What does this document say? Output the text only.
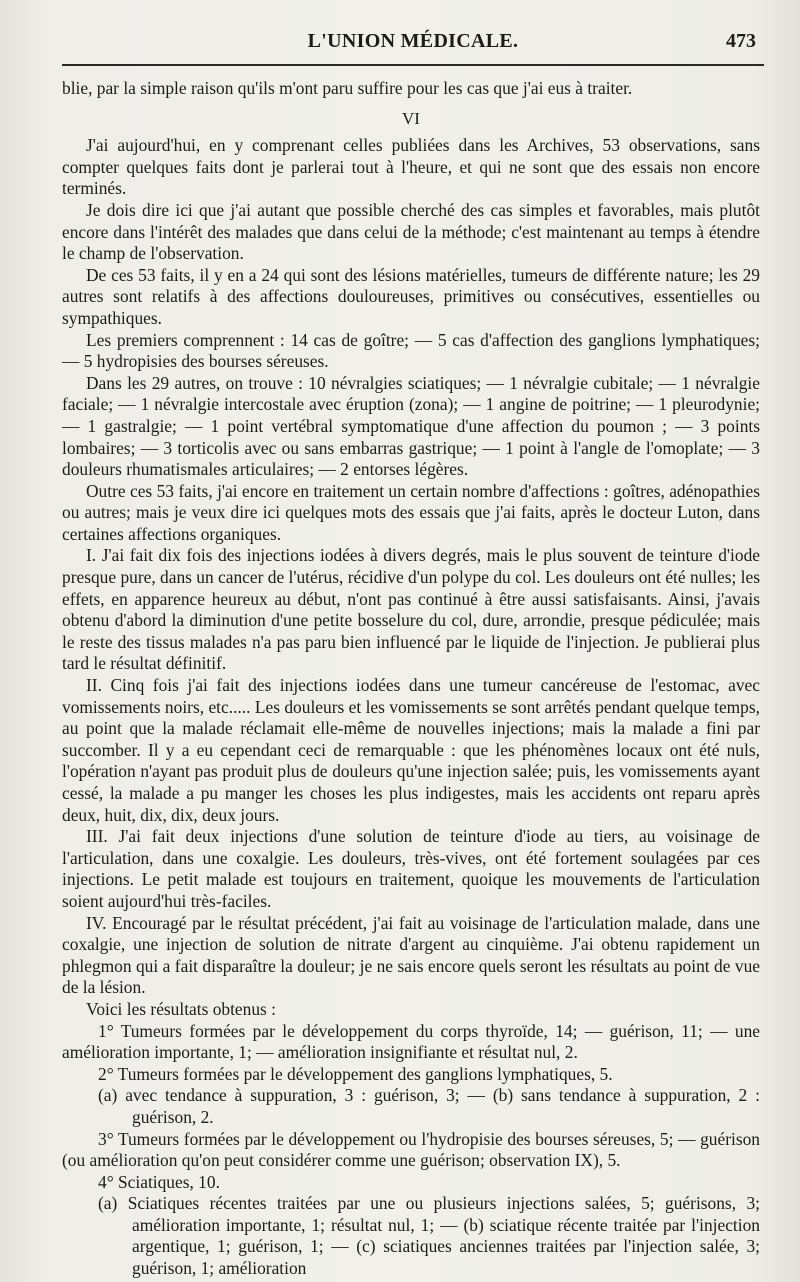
L'UNION MÉDICALE.	473

blie, par la simple raison qu'ils m'ont paru suffire pour les cas que j'ai eus à traiter.

VI

J'ai aujourd'hui, en y comprenant celles publiées dans les Archives, 53 observations, sans compter quelques faits dont je parlerai tout à l'heure, et qui ne sont que des essais non encore terminés.

Je dois dire ici que j'ai autant que possible cherché des cas simples et favorables, mais plutôt encore dans l'intérêt des malades que dans celui de la méthode; c'est maintenant au temps à étendre le champ de l'observation.

De ces 53 faits, il y en a 24 qui sont des lésions matérielles, tumeurs de différente nature; les 29 autres sont relatifs à des affections douloureuses, primitives ou consécutives, essentielles ou sympathiques.

Les premiers comprennent : 14 cas de goître; — 5 cas d'affection des ganglions lymphatiques; — 5 hydropisies des bourses séreuses.

Dans les 29 autres, on trouve : 10 névralgies sciatiques; — 1 névralgie cubitale; — 1 névralgie faciale; — 1 névralgie intercostale avec éruption (zona); — 1 angine de poitrine; — 1 pleurodynie; — 1 gastralgie; — 1 point vertébral symptomatique d'une affection du poumon ; — 3 points lombaires; — 3 torticolis avec ou sans embarras gastrique; — 1 point à l'angle de l'omoplate; — 3 douleurs rhumatismales articulaires; — 2 entorses légères.

Outre ces 53 faits, j'ai encore en traitement un certain nombre d'affections : goîtres, adénopathies ou autres; mais je veux dire ici quelques mots des essais que j'ai faits, après le docteur Luton, dans certaines affections organiques.

I. J'ai fait dix fois des injections iodées à divers degrés, mais le plus souvent de teinture d'iode presque pure, dans un cancer de l'utérus, récidive d'un polype du col. Les douleurs ont été nulles; les effets, en apparence heureux au début, n'ont pas continué à être aussi satisfaisants. Ainsi, j'avais obtenu d'abord la diminution d'une petite bosselure du col, dure, arrondie, presque pédiculée; mais le reste des tissus malades n'a pas paru bien influencé par le liquide de l'injection. Je publierai plus tard le résultat définitif.

II. Cinq fois j'ai fait des injections iodées dans une tumeur cancéreuse de l'estomac, avec vomissements noirs, etc..... Les douleurs et les vomissements se sont arrêtés pendant quelque temps, au point que la malade réclamait elle-même de nouvelles injections; mais la malade a fini par succomber. Il y a eu cependant ceci de remarquable : que les phénomènes locaux ont été nuls, l'opération n'ayant pas produit plus de douleurs qu'une injection salée; puis, les vomissements ayant cessé, la malade a pu manger les choses les plus indigestes, mais les accidents ont reparu après deux, huit, dix, dix, deux jours.

III. J'ai fait deux injections d'une solution de teinture d'iode au tiers, au voisinage de l'articulation, dans une coxalgie. Les douleurs, très-vives, ont été fortement soulagées par ces injections. Le petit malade est toujours en traitement, quoique les mouvements de l'articulation soient aujourd'hui très-faciles.

IV. Encouragé par le résultat précédent, j'ai fait au voisinage de l'articulation malade, dans une coxalgie, une injection de solution de nitrate d'argent au cinquième. J'ai obtenu rapidement un phlegmon qui a fait disparaître la douleur; je ne sais encore quels seront les résultats au point de vue de la lésion.

Voici les résultats obtenus :

1° Tumeurs formées par le développement du corps thyroïde, 14; — guérison, 11; — une amélioration importante, 1; — amélioration insignifiante et résultat nul, 2.

2° Tumeurs formées par le développement des ganglions lymphatiques, 5.

(a) avec tendance à suppuration, 3 : guérison, 3; — (b) sans tendance à suppuration, 2 : guérison, 2.

3° Tumeurs formées par le développement ou l'hydropisie des bourses séreuses, 5; — guérison (ou amélioration qu'on peut considérer comme une guérison; observation IX), 5.

4° Sciatiques, 10.

(a) Sciatiques récentes traitées par une ou plusieurs injections salées, 5; guérisons, 3; amélioration importante, 1; résultat nul, 1; — (b) sciatique récente traitée par l'injection argentique, 1; guérison, 1; — (c) sciatiques anciennes traitées par l'injection salée, 3; guérison, 1; amélioration
